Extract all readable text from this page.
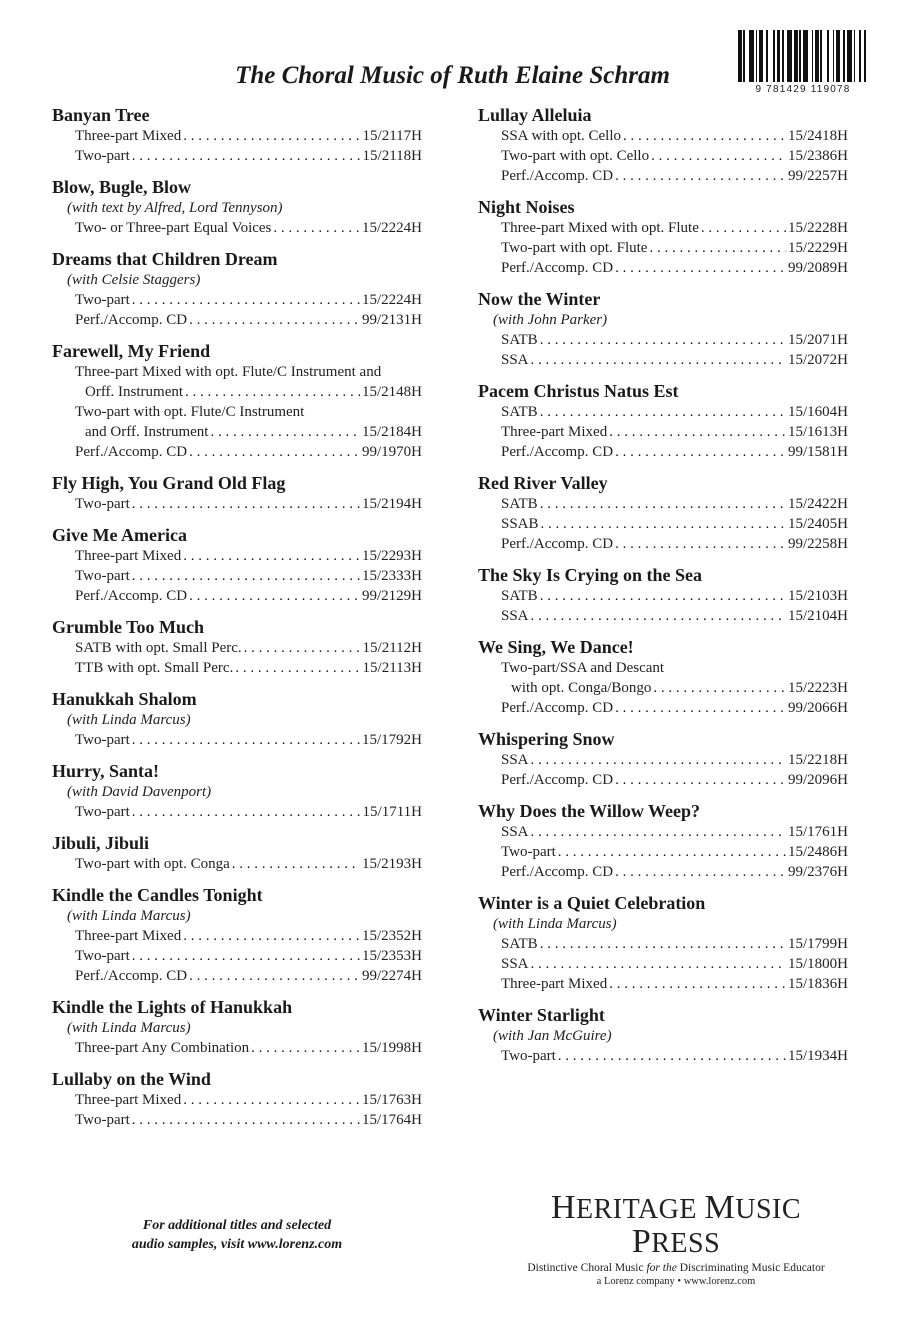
9 781429 119078
The Choral Music of Ruth Elaine Schram
Banyan Tree
Three-part Mixed . . .	15/2117H
Two-part . . .	15/2118H
Blow, Bugle, Blow
(with text by Alfred, Lord Tennyson)
Two- or Three-part Equal Voices . . .	15/2224H
Dreams that Children Dream
(with Celsie Staggers)
Two-part . . .	15/2224H
Perf./Accomp. CD . . .	99/2131H
Farewell, My Friend
Three-part Mixed with opt. Flute/C Instrument and
Orff. Instrument . . .	15/2148H
Two-part with opt. Flute/C Instrument
and Orff. Instrument . . .	15/2184H
Perf./Accomp. CD . . .	99/1970H
Fly High, You Grand Old Flag
Two-part . . .	15/2194H
Give Me America
Three-part Mixed . . .	15/2293H
Two-part . . .	15/2333H
Perf./Accomp. CD . . .	99/2129H
Grumble Too Much
SATB with opt. Small Perc. . . .	15/2112H
TTB with opt. Small Perc. . . .	15/2113H
Hanukkah Shalom
(with Linda Marcus)
Two-part . . .	15/1792H
Hurry, Santa!
(with David Davenport)
Two-part . . .	15/1711H
Jibuli, Jibuli
Two-part with opt. Conga . . .	15/2193H
Kindle the Candles Tonight
(with Linda Marcus)
Three-part Mixed . . .	15/2352H
Two-part . . .	15/2353H
Perf./Accomp. CD . . .	99/2274H
Kindle the Lights of Hanukkah
(with Linda Marcus)
Three-part Any Combination . . .	15/1998H
Lullaby on the Wind
Three-part Mixed . . .	15/1763H
Two-part . . .	15/1764H
Lullay Alleluia
SSA with opt. Cello . . .	15/2418H
Two-part with opt. Cello . . .	15/2386H
Perf./Accomp. CD . . .	99/2257H
Night Noises
Three-part Mixed with opt. Flute . . .	15/2228H
Two-part with opt. Flute . . .	15/2229H
Perf./Accomp. CD . . .	99/2089H
Now the Winter
(with John Parker)
SATB . . .	15/2071H
SSA . . .	15/2072H
Pacem Christus Natus Est
SATB . . .	15/1604H
Three-part Mixed . . .	15/1613H
Perf./Accomp. CD . . .	99/1581H
Red River Valley
SATB . . .	15/2422H
SSAB . . .	15/2405H
Perf./Accomp. CD . . .	99/2258H
The Sky Is Crying on the Sea
SATB . . .	15/2103H
SSA . . .	15/2104H
We Sing, We Dance!
Two-part/SSA and Descant
with opt. Conga/Bongo . . .	15/2223H
Perf./Accomp. CD . . .	99/2066H
Whispering Snow
SSA . . .	15/2218H
Perf./Accomp. CD . . .	99/2096H
Why Does the Willow Weep?
SSA . . .	15/1761H
Two-part . . .	15/2486H
Perf./Accomp. CD . . .	99/2376H
Winter is a Quiet Celebration
(with Linda Marcus)
SATB . . .	15/1799H
SSA . . .	15/1800H
Three-part Mixed . . .	15/1836H
Winter Starlight
(with Jan McGuire)
Two-part . . .	15/1934H
For additional titles and selected
audio samples, visit www.lorenz.com
HERITAGE MUSIC PRESS
Distinctive Choral Music for the Discriminating Music Educator
a Lorenz company • www.lorenz.com
